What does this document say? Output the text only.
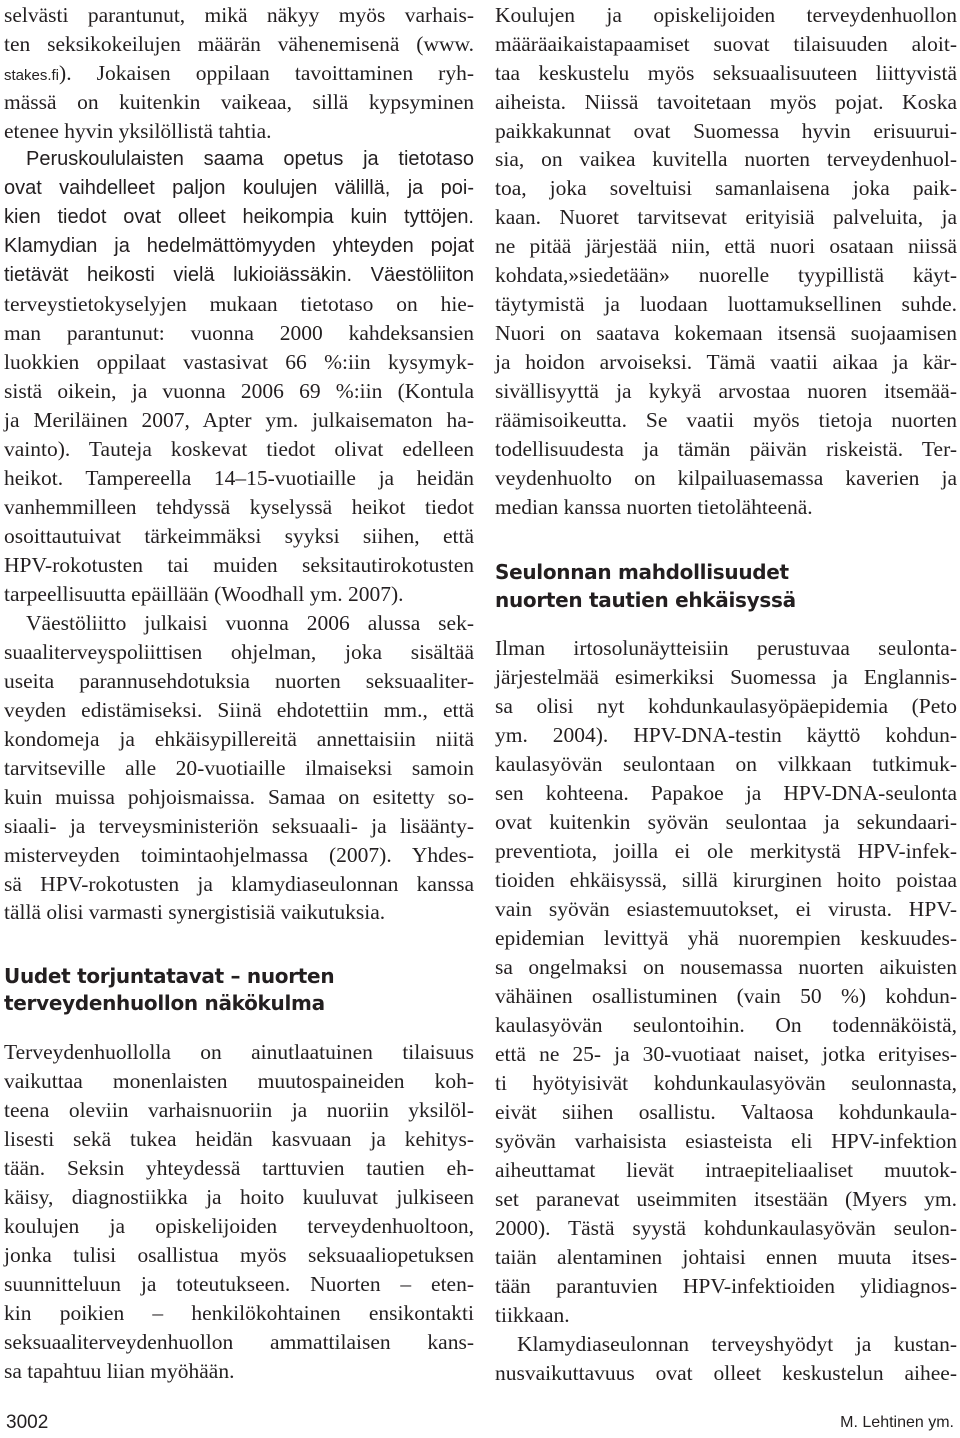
selvästi parantunut, mikä näkyy myös varhais-
ten seksikokeilujen määrän vähenemisenä (www.
stakes.fi). Jokaisen oppilaan tavoittaminen ryh-
mässä on kuitenkin vaikeaa, sillä kypsyminen
etenee hyvin yksilöllistä tahtia.
Peruskoululaisten saama opetus ja tietotaso
ovat vaihdelleet paljon koulujen välillä, ja poi-
kien tiedot ovat olleet heikompia kuin tyttöjen.
Klamydian ja hedelmättömyyden yhteyden pojat
tietävät heikosti vielä lukioiässäkin. Väestöliiton
terveystietokyselyjen mukaan tietotaso on hie-
man parantunut: vuonna 2000 kahdeksansien
luokkien oppilaat vastasivat 66 %:iin kysymyk-
sistä oikein, ja vuonna 2006 69 %:iin (Kontula
ja Meriläinen 2007, Apter ym. julkaisematon ha-
vainto). Tauteja koskevat tiedot olivat edelleen
heikot. Tampereella 14–15-vuotiaille ja heidän
vanhemmilleen tehdyssä kyselyssä heikot tiedot
osoittautuivat tärkeimmäksi syyksi siihen, että
HPV-rokotusten tai muiden seksitautirokotusten
tarpeellisuutta epäillään (Woodhall ym. 2007).
Väestöliitto julkaisi vuonna 2006 alussa sek-
suaaliterveyspoliittisen ohjelman, joka sisältää
useita parannusehdotuksia nuorten seksuaaliter-
veyden edistämiseksi. Siinä ehdotettiin mm., että
kondomeja ja ehkäisypillereitä annettaisiin niitä
tarvitseville alle 20-vuotiaille ilmaiseksi samoin
kuin muissa pohjoismaissa. Samaa on esitetty so-
siaali- ja terveysministeriön seksuaali- ja lisäänty-
misterveyden toimintaohjelmassa (2007). Yhdes-
sä HPV-rokotusten ja klamydiaseulonnan kanssa
tällä olisi varmasti synergistisiä vaikutuksia.
Uudet torjuntatavat – nuorten
terveydenhuollon näkökulma
Terveydenhuollolla on ainutlaatuinen tilaisuus
vaikuttaa monenlaisten muutospaineiden koh-
teena oleviin varhaisnuoriin ja nuoriin yksilöl-
lisesti sekä tukea heidän kasvuaan ja kehitys-
tään. Seksin yhteydessä tarttuvien tautien eh-
käisy, diagnostiikka ja hoito kuuluvat julkiseen
koulujen ja opiskelijoiden terveydenhuoltoon,
jonka tulisi osallistua myös seksuaaliopetuksen
suunnitteluun ja toteutukseen. Nuorten – eten-
kin poikien – henkilökohtainen ensikontakti
seksuaaliterveydenhuollon ammattilaisen kans-
sa tapahtuu liian myöhään.
Koulujen ja opiskelijoiden terveydenhuollon
määräaikaistapaamiset suovat tilaisuuden aloit-
taa keskustelu myös seksuaalisuuteen liittyvistä
aiheista. Niissä tavoitetaan myös pojat. Koska
paikkakunnat ovat Suomessa hyvin erisuurui-
sia, on vaikea kuvitella nuorten terveydenhuol-
toa, joka soveltuisi samanlaisena joka paik-
kaan. Nuoret tarvitsevat erityisiä palveluita, ja
ne pitää järjestää niin, että nuori osataan niissä
kohdata,»siedetään» nuorelle tyypillistä käyt-
täytymistä ja luodaan luottamuksellinen suhde.
Nuori on saatava kokemaan itsensä suojaamisen
ja hoidon arvoiseksi. Tämä vaatii aikaa ja kär-
sivällisyyttä ja kykyä arvostaa nuoren itsemää-
räämisoikeutta. Se vaatii myös tietoja nuorten
todellisuudesta ja tämän päivän riskeistä. Ter-
veydenhuolto on kilpailuasemassa kaverien ja
median kanssa nuorten tietolähteenä.
Seulonnan mahdollisuudet
nuorten tautien ehkäisyssä
Ilman irtosolunäytteisiin perustuvaa seulonta-
järjestelmää esimerkiksi Suomessa ja Englannis-
sa olisi nyt kohdunkaulasyöpäepidemia (Peto
ym. 2004). HPV-DNA-testin käyttö kohdun-
kaulasyövän seulontaan on vilkkaan tutkimuk-
sen kohteena. Papakoe ja HPV-DNA-seulonta
ovat kuitenkin syövän seulontaa ja sekundaari-
preventiota, joilla ei ole merkitystä HPV-infek-
tioiden ehkäisyssä, sillä kirurginen hoito poistaa
vain syövän esiastemuutokset, ei virusta. HPV-
epidemian levittyä yhä nuorempien keskuudes-
sa ongelmaksi on nousemassa nuorten aikuisten
vähäinen osallistuminen (vain 50 %) kohdun-
kaulasyövän seulontoihin. On todennäköistä,
että ne 25- ja 30-vuotiaat naiset, jotka erityises-
ti hyötyisivät kohdunkaulasyövän seulonnasta,
eivät siihen osallistu. Valtaosa kohdunkaula-
syövän varhaisista esiasteista eli HPV-infektion
aiheuttamat lievät intraepiteliaaliset muutok-
set paranevat useimmiten itsestään (Myers ym.
2000). Tästä syystä kohdunkaulasyövän seulon-
taiän alentaminen johtaisi ennen muuta itses-
tään parantuvien HPV-infektioiden ylidiagnos-
tiikkaan.
Klamydiaseulonnan terveyshyödyt ja kustan-
nusvaikuttavuus ovat olleet keskustelun aihee-
3002	M. Lehtinen ym.
